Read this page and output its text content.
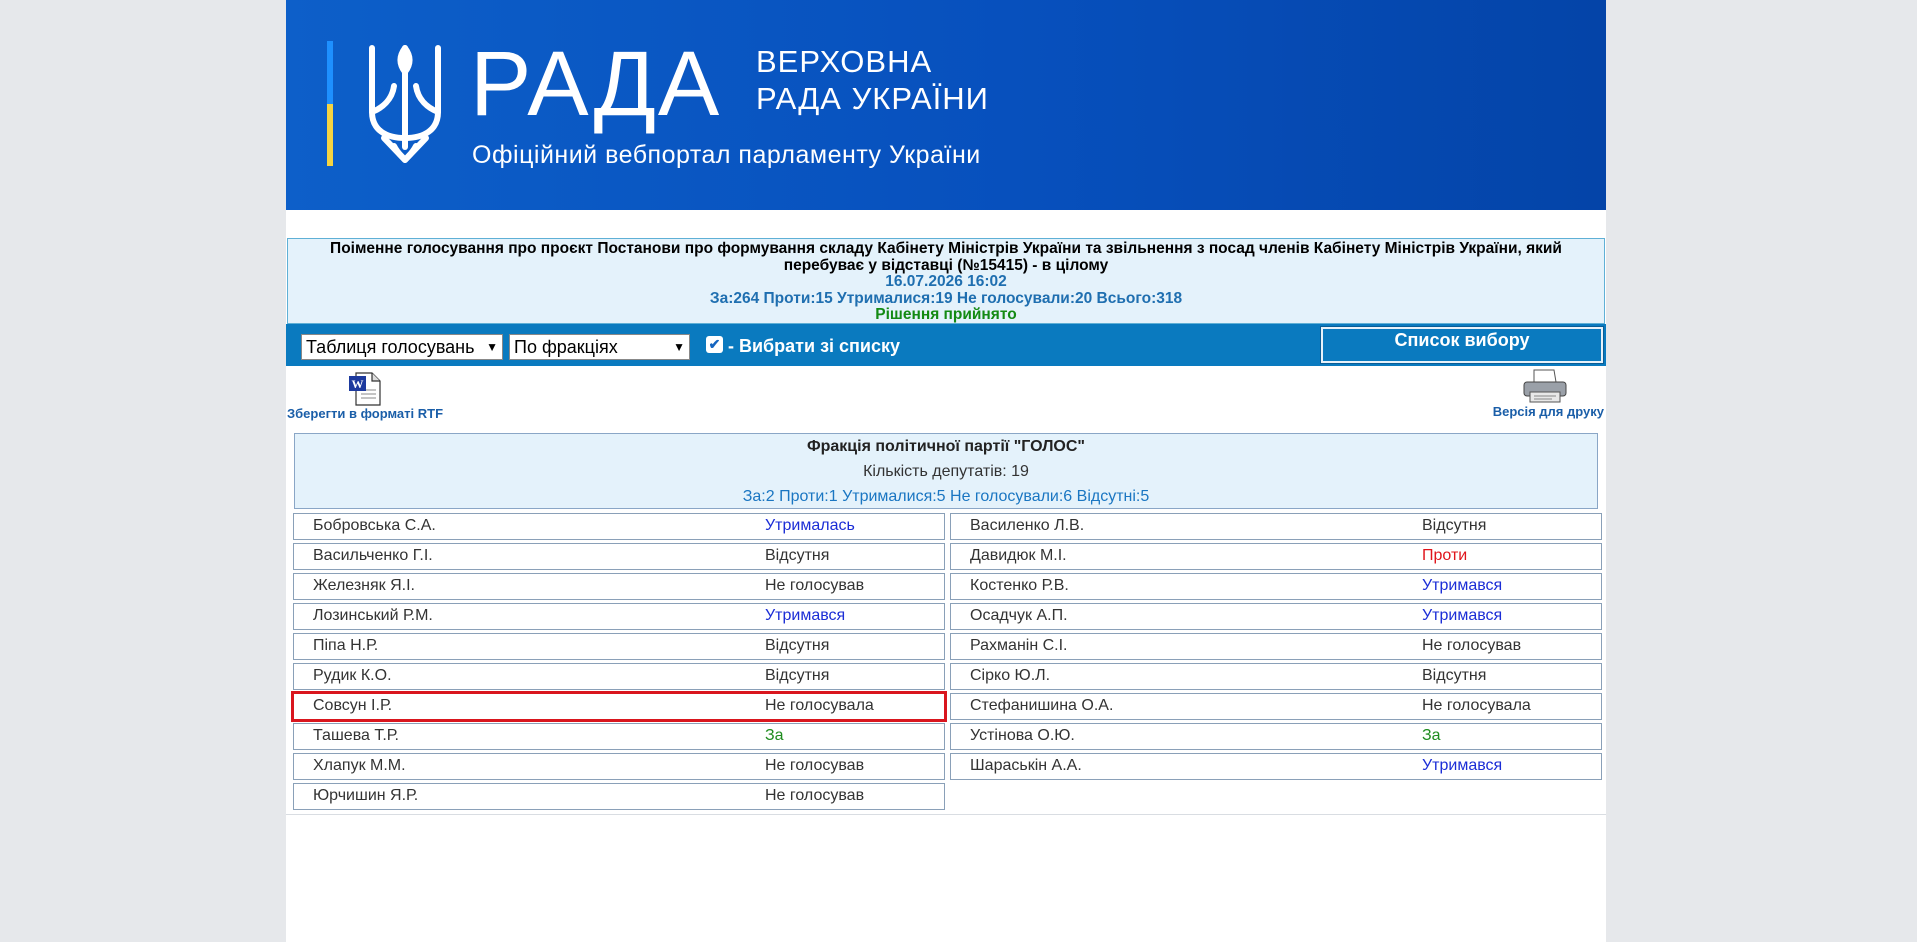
РАДА ВЕРХОВНА
РАДА УКРАЇНИ
Офіційний вебпортал парламенту України
Поіменне голосування про проєкт Постанови про формування складу Кабінету Міністрів України та звільнення з посад членів Кабінету Міністрів України, який перебуває у відставці (№15415) - в цілому
16.07.2026 16:02
За:264 Проти:15 Утрималися:19 Не голосували:20 Всього:318
Рішення прийнято
Таблиця голосувань ▼ По фракціях	▼ ✔ - Вибрати зі списку	Список вибору
W
Зберегти в форматі RTF	Версія для друку
Фракція політичної партії "ГОЛОС"
Кількість депутатів: 19
За:2 Проти:1 Утрималися:5 Не голосували:6 Відсутні:5
Бобровська С.А.	Утрималась
Васильченко Г.І.	Відсутня
Железняк Я.І.	Не голосував
Лозинський Р.М.	Утримався
Піпа Н.Р.	Відсутня
Рудик К.О.	Відсутня
Совсун І.Р.	Не голосувала
Ташева Т.Р.	За
Хлапук М.М.	Не голосував
Юрчишин Я.Р.	Не голосував
Василенко Л.В.	Відсутня
Давидюк М.І.	Проти
Костенко Р.В.	Утримався
Осадчук А.П.	Утримався
Рахманін С.І.	Не голосував
Сірко Ю.Л.	Відсутня
Стефанишина О.А.	Не голосувала
Устінова О.Ю.	За
Шараськін А.А.	Утримався
